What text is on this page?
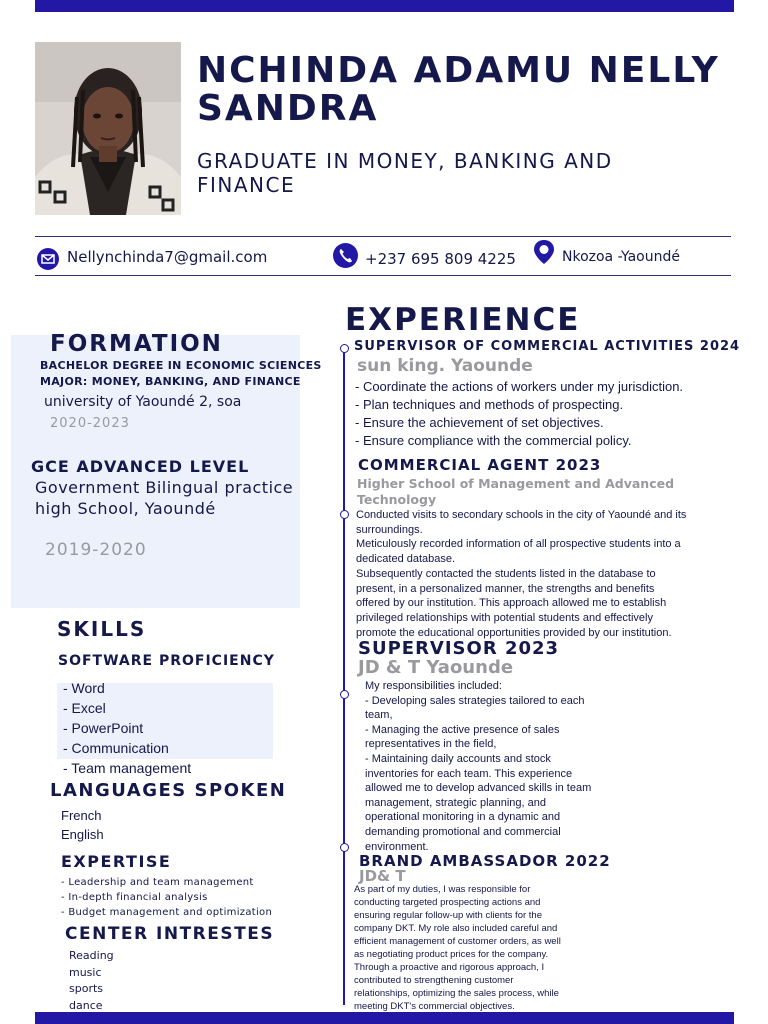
NCHINDA ADAMU NELLY
SANDRA
GRADUATE IN MONEY, BANKING AND
FINANCE
Nellynchinda7@gmail.com	+237 695 809 4225	Nkozoa -Yaoundé
FORMATION
BACHELOR DEGREE IN ECONOMIC SCIENCES
MAJOR: MONEY, BANKING, AND FINANCE
university of Yaoundé 2, soa
2020-2023
GCE ADVANCED LEVEL
Government Bilingual practice
high School, Yaoundé
2019-2020
SKILLS
SOFTWARE PROFICIENCY
- Word
- Excel
- PowerPoint
- Communication
- Team management
LANGUAGES SPOKEN
French
English
EXPERTISE
- Leadership and team management
- In-depth financial analysis
- Budget management and optimization
CENTER INTRESTES
Reading
music
sports
dance
EXPERIENCE
SUPERVISOR OF COMMERCIAL ACTIVITIES 2024
sun king. Yaounde
- Coordinate the actions of workers under my jurisdiction.
- Plan techniques and methods of prospecting.
- Ensure the achievement of set objectives.
- Ensure compliance with the commercial policy.
COMMERCIAL AGENT 2023
Higher School of Management and Advanced
Technology
Conducted visits to secondary schools in the city of Yaoundé and its
surroundings.
Meticulously recorded information of all prospective students into a
dedicated database.
Subsequently contacted the students listed in the database to
present, in a personalized manner, the strengths and benefits
offered by our institution. This approach allowed me to establish
privileged relationships with potential students and effectively
promote the educational opportunities provided by our institution.
SUPERVISOR 2023
JD & T Yaounde
My responsibilities included:
- Developing sales strategies tailored to each
team,
- Managing the active presence of sales
representatives in the field,
- Maintaining daily accounts and stock
inventories for each team. This experience
allowed me to develop advanced skills in team
management, strategic planning, and
operational monitoring in a dynamic and
demanding promotional and commercial
environment.
BRAND AMBASSADOR 2022
JD& T
As part of my duties, I was responsible for
conducting targeted prospecting actions and
ensuring regular follow-up with clients for the
company DKT. My role also included careful and
efficient management of customer orders, as well
as negotiating product prices for the company.
Through a proactive and rigorous approach, I
contributed to strengthening customer
relationships, optimizing the sales process, while
meeting DKT's commercial objectives.
